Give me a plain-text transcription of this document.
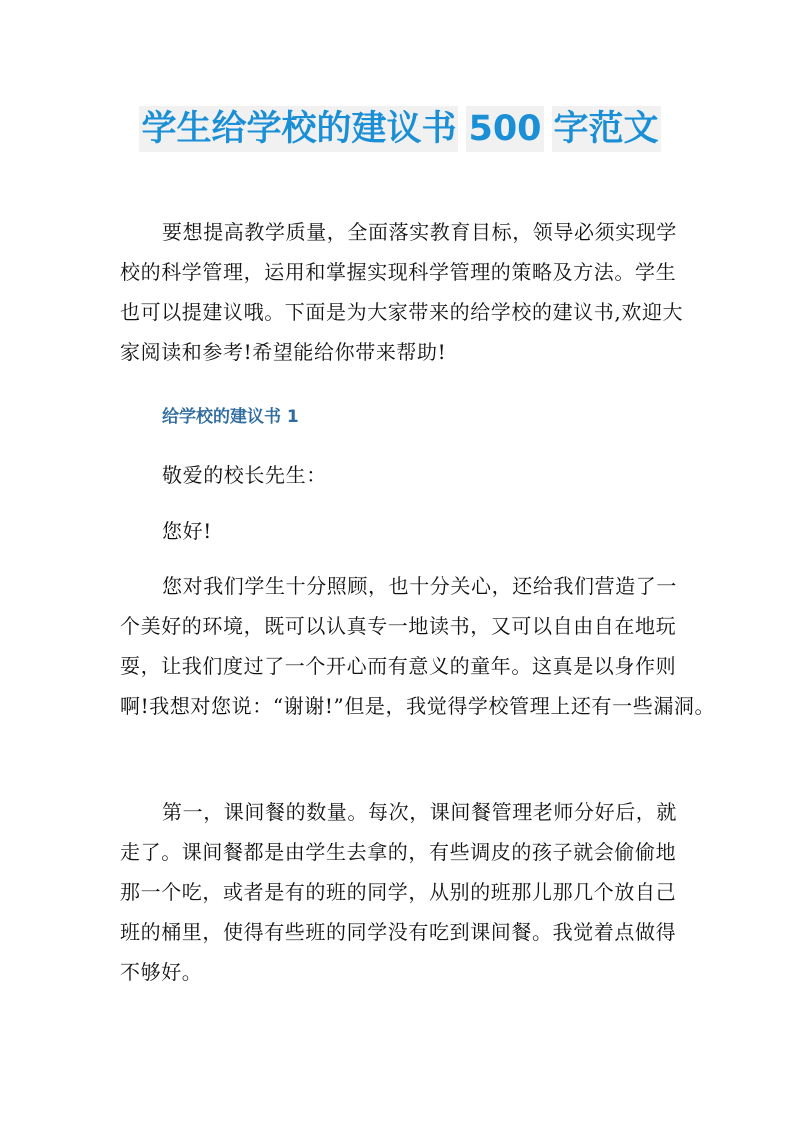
学生给学校的建议书 500 字范文
要想提高教学质量，全面落实教育目标，领导必须实现学
校的科学管理，运用和掌握实现科学管理的策略及方法。学生
也可以提建议哦。下面是为大家带来的给学校的建议书,欢迎大
家阅读和参考!希望能给你带来帮助!
给学校的建议书 1
敬爱的校长先生：
您好!
您对我们学生十分照顾，也十分关心，还给我们营造了一
个美好的环境，既可以认真专一地读书，又可以自由自在地玩
耍，让我们度过了一个开心而有意义的童年。这真是以身作则
啊!我想对您说：“谢谢!”但是，我觉得学校管理上还有一些漏洞。
第一，课间餐的数量。每次，课间餐管理老师分好后，就
走了。课间餐都是由学生去拿的，有些调皮的孩子就会偷偷地
那一个吃，或者是有的班的同学，从别的班那儿那几个放自己
班的桶里，使得有些班的同学没有吃到课间餐。我觉着点做得
不够好。
